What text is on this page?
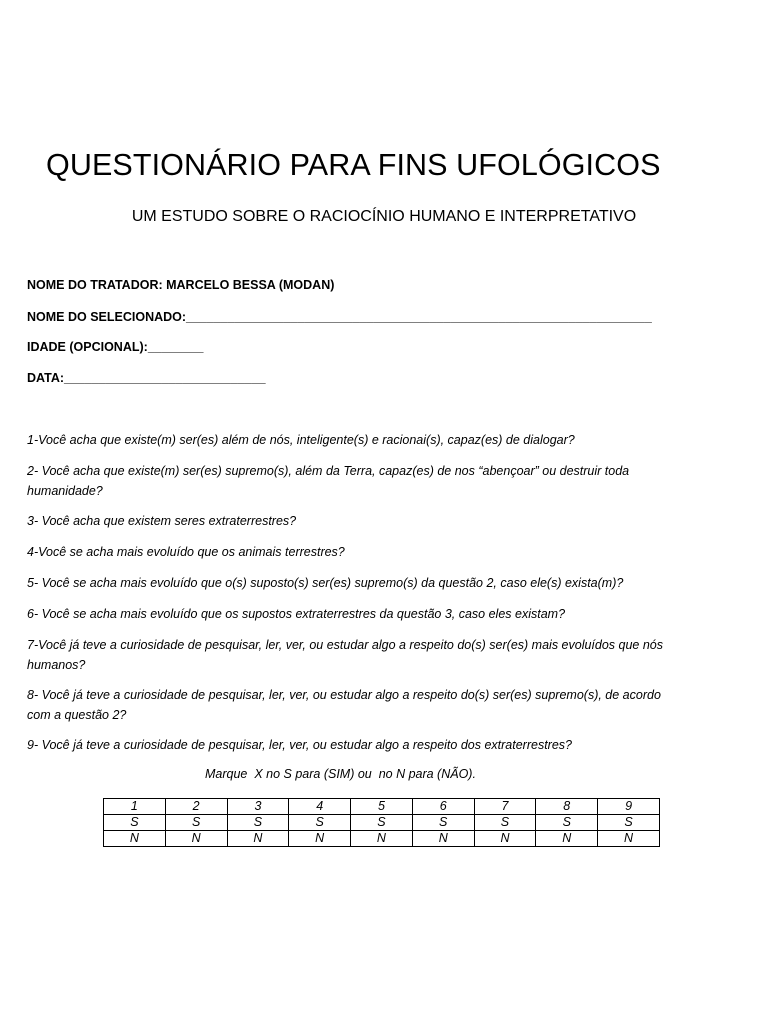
QUESTIONÁRIO PARA FINS UFOLÓGICOS
UM ESTUDO SOBRE O RACIOCÍNIO HUMANO E INTERPRETATIVO
NOME DO TRATADOR: MARCELO BESSA (MODAN)
NOME DO SELECIONADO:___________________________________________________________________
IDADE (OPCIONAL):________
DATA:_____________________________
1-Você acha que existe(m) ser(es) além de nós, inteligente(s) e racionai(s), capaz(es) de dialogar?
2- Você acha que existe(m) ser(es) supremo(s), além da Terra, capaz(es) de nos “abençoar” ou destruir toda humanidade?
3- Você acha que existem seres extraterrestres?
4-Você se acha mais evoluído que os animais terrestres?
5- Você se acha mais evoluído que o(s) suposto(s) ser(es) supremo(s) da questão 2, caso ele(s) exista(m)?
6- Você se acha mais evoluído que os supostos extraterrestres da questão 3, caso eles existam?
7-Você já teve a curiosidade de pesquisar, ler, ver, ou estudar algo a respeito do(s) ser(es) mais evoluídos que nós humanos?
8- Você já teve a curiosidade de pesquisar, ler, ver, ou estudar algo a respeito do(s) ser(es) supremo(s), de acordo com a questão 2?
9- Você já teve a curiosidade de pesquisar, ler, ver, ou estudar algo a respeito dos extraterrestres?
Marque  X no S para (SIM) ou  no N para (NÃO).
1	2	3	4	5	6	7	8	9
S	S	S	S	S	S	S	S	S
N	N	N	N	N	N	N	N	N
